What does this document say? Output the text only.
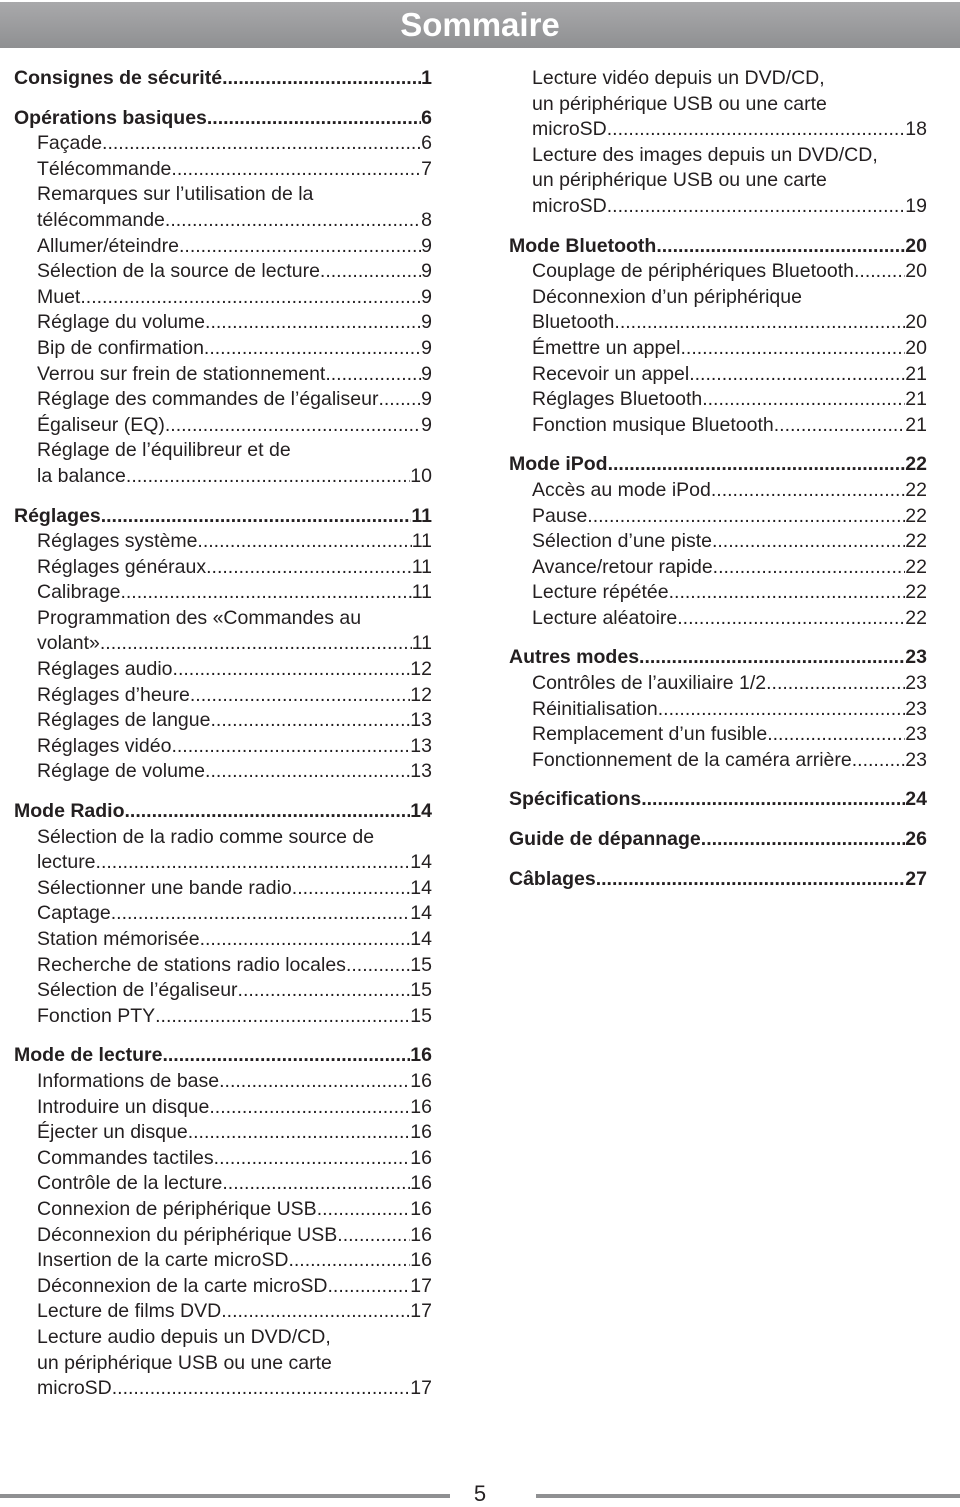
Sommaire
Consignes de sécurité .....	1
Opérations basiques .....	6
Façade .....	6
Télécommande .....	7
Remarques sur l’utilisation de la
télécommande .....	8
Allumer/éteindre .....	9
Sélection de la source de lecture .....	9
Muet .....	9
Réglage du volume .....	9
Bip de confirmation .....	9
Verrou sur frein de stationnement .....	9
Réglage des commandes de l’égaliseur ..... 9
Égaliseur (EQ) .....	9
Réglage de l’équilibreur et de
la balance .....	10
Réglages .....	11
Réglages système .....	11
Réglages généraux .....	11
Calibrage .....	11
Programmation des «Commandes au
volant» .....	11
Réglages audio .....	12
Réglages d’heure .....	12
Réglages de langue .....	13
Réglages vidéo .....	13
Réglage de volume .....	13
Mode Radio .....	14
Sélection de la radio comme source de
lecture .....	14
Sélectionner une bande radio .....	14
Captage .....	14
Station mémorisée .....	14
Recherche de stations radio locales .....	15
Sélection de l’égaliseur .....	15
Fonction PTY .....	15
Mode de lecture .....	16
Informations de base .....	16
Introduire un disque .....	16
Éjecter un disque .....	16
Commandes tactiles .....	16
Contrôle de la lecture .....	16
Connexion de périphérique USB .....	16
Déconnexion du périphérique USB .....	16
Insertion de la carte microSD .....	16
Déconnexion de la carte microSD .....	17
Lecture de films DVD .....	17
Lecture audio depuis un DVD/CD,
un périphérique USB ou une carte
microSD .....	17
Lecture vidéo depuis un DVD/CD,
un périphérique USB ou une carte
microSD .....	18
Lecture des images depuis un DVD/CD,
un périphérique USB ou une carte
microSD .....	19
Mode Bluetooth .....	20
Couplage de périphériques Bluetooth .....	20
Déconnexion d’un périphérique
Bluetooth .....	20
Émettre un appel .....	20
Recevoir un appel .....	21
Réglages Bluetooth .....	21
Fonction musique Bluetooth .....	21
Mode iPod .....	22
Accès au mode iPod .....	22
Pause .....	22
Sélection d’une piste .....	22
Avance/retour rapide .....	22
Lecture répétée .....	22
Lecture aléatoire .....	22
Autres modes .....	23
Contrôles de l’auxiliaire 1/2 .....	23
Réinitialisation .....	23
Remplacement d’un fusible .....	23
Fonctionnement de la caméra arrière .....	23
Spécifications .....	24
Guide de dépannage .....	26
Câblages .....	27
5
